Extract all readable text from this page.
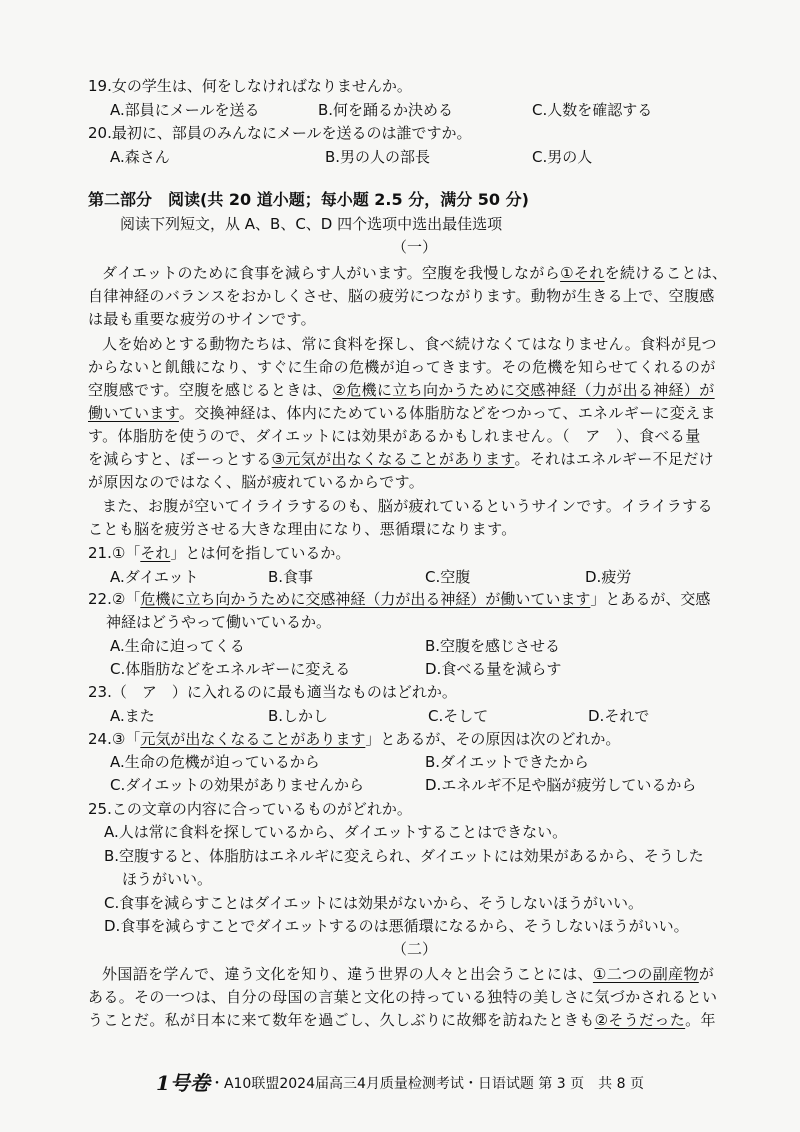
19.女の学生は、何をしなければなりませんか。
A.部員にメールを送る	B.何を踊るか決める	C.人数を確認する
20.最初に、部員のみんなにメールを送るのは誰ですか。
A.森さん	B.男の人の部長	C.男の人
第二部分　阅读(共 20 道小题；每小题 2.5 分，满分 50 分)
阅读下列短文，从 A、B、C、D 四个选项中选出最佳选项
（一）
ダイエットのために食事を減らす人がいます。空腹を我慢しながら①それを続けることは、
自律神経のバランスをおかしくさせ、脳の疲労につながります。動物が生きる上で、空腹感
は最も重要な疲労のサインです。
人を始めとする動物たちは、常に食料を探し、食べ続けなくてはなりません。食料が見つ
からないと飢餓になり、すぐに生命の危機が迫ってきます。その危機を知らせてくれるのが
空腹感です。空腹を感じるときは、②危機に立ち向かうために交感神経（力が出る神経）が
働いています。交換神経は、体内にためている体脂肪などをつかって、エネルギーに変えま
す。体脂肪を使うので、ダイエットには効果があるかもしれません。（　ア　）、食べる量
を減らすと、ぼーっとする③元気が出なくなることがあります。それはエネルギー不足だけ
が原因なのではなく、脳が疲れているからです。
また、お腹が空いてイライラするのも、脳が疲れているというサインです。イライラする
ことも脳を疲労させる大きな理由になり、悪循環になります。
21.①「それ」とは何を指しているか。
A.ダイエット	B.食事	C.空腹	D.疲労
22.②「危機に立ち向かうために交感神経（力が出る神経）が働いています」とあるが、交感
神経はどうやって働いているか。
A.生命に迫ってくる	B.空腹を感じさせる
C.体脂肪などをエネルギーに変える	D.食べる量を減らす
23.（　ア　）に入れるのに最も適当なものはどれか。
A.また	B.しかし	C.そして	D.それで
24.③「元気が出なくなることがあります」とあるが、その原因は次のどれか。
A.生命の危機が迫っているから	B.ダイエットできたから
C.ダイエットの効果がありませんから	D.エネルギ不足や脳が疲労しているから
25.この文章の内容に合っているものがどれか。
A.人は常に食料を探しているから、ダイエットすることはできない。
B.空腹すると、体脂肪はエネルギに変えられ、ダイエットには効果があるから、そうした
ほうがいい。
C.食事を減らすことはダイエットには効果がないから、そうしないほうがいい。
D.食事を減らすことでダイエットするのは悪循環になるから、そうしないほうがいい。
（二）
外国語を学んで、違う文化を知り、違う世界の人々と出会うことには、①二つの副産物が
ある。その一つは、自分の母国の言葉と文化の持っている独特の美しさに気づかされるとい
うことだ。私が日本に来て数年を過ごし、久しぶりに故郷を訪ねたときも②そうだった。年
1号卷・A10联盟2024届高三4月质量检测考试・日语试题 第 3 页　共 8 页
